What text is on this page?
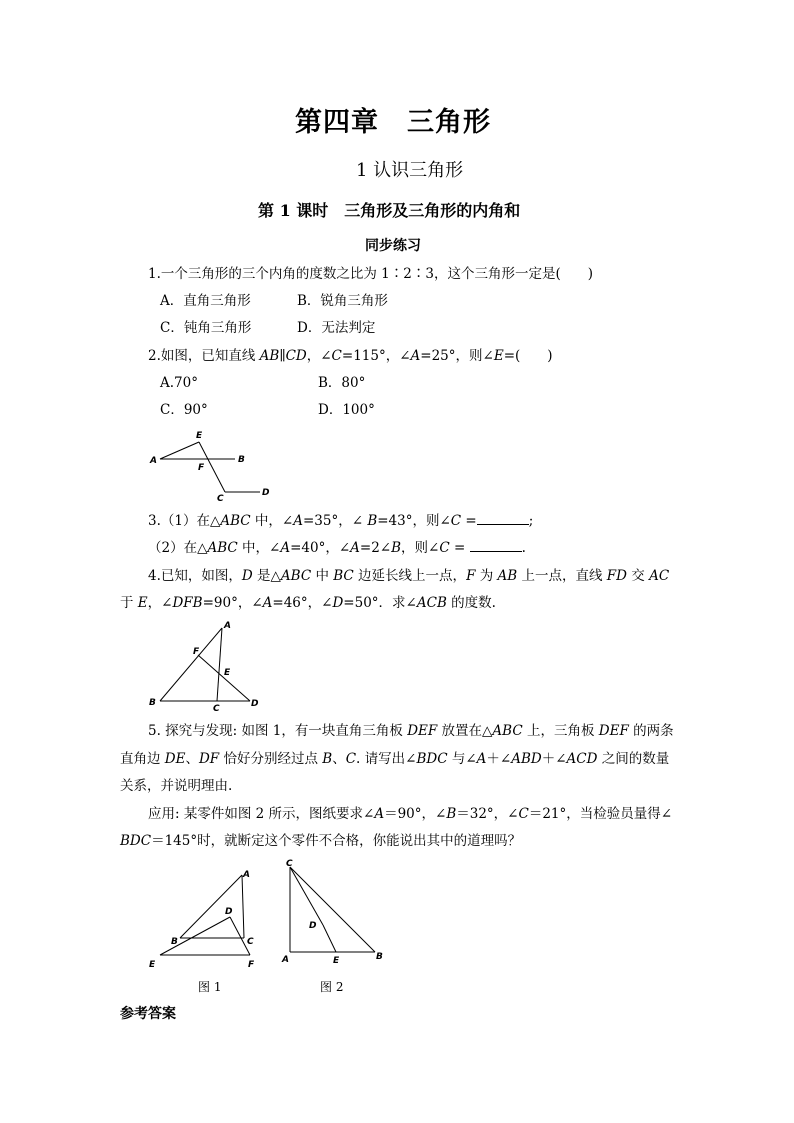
第四章　三角形
1 认识三角形
第 1 课时　三角形及三角形的内角和
同步练习
1.一个三角形的三个内角的度数之比为 1∶2∶3，这个三角形一定是(　　)
A．直角三角形	B．锐角三角形
C．钝角三角形	D．无法判定
2.如图，已知直线 AB∥CD，∠C=115°，∠A=25°，则∠E=(　　)
A.70°	B．80°
C．90°	D．100°
E
A	B
F
C
D
3.（1）在△ABC 中，∠A=35°，∠ B=43°，则∠C =	;
（2）在△ABC 中，∠A=40°，∠A=2∠B，则∠C =	.
4.已知，如图，D 是△ABC 中 BC 边延长线上一点，F 为 AB 上一点，直线 FD 交 AC
于 E，∠DFB=90°，∠A=46°，∠D=50°．求∠ACB 的度数.
A
F
E
B
C	D
5. 探究与发现: 如图 1，有一块直角三角板 DEF 放置在△ABC 上，三角板 DEF 的两条
直角边 DE、DF 恰好分别经过点 B、C. 请写出∠BDC 与∠A＋∠ABD＋∠ACD 之间的数量
关系，并说明理由.
应用: 某零件如图 2 所示，图纸要求∠A＝90°，∠B＝32°，∠C＝21°，当检验员量得∠
BDC＝145°时，就断定这个零件不合格，你能说出其中的道理吗？
A
D
B	C
E	F
图 1
C
D
A	E	B
图 2
参考答案
